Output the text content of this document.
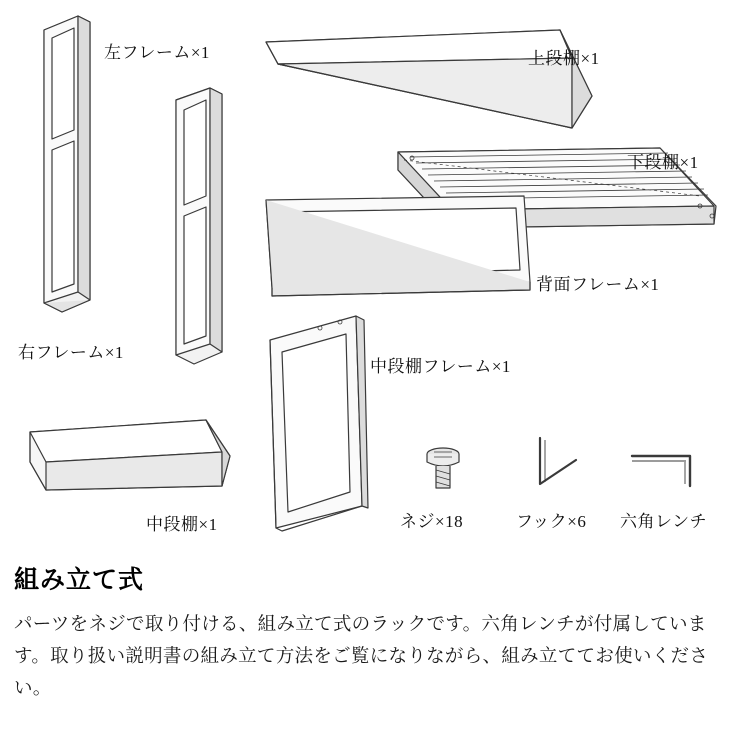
左フレーム×1	上段棚×1
下段棚×1
背面フレーム×1
右フレーム×1
中段棚フレーム×1
中段棚×1	ネジ×18	フック×6 六角レンチ
組み立て式

パーツをネジで取り付ける、組み立て式のラックです。六角レンチが付属しています。取り扱い説明書の組み立て方法をご覧になりながら、組み立ててお使いください。
